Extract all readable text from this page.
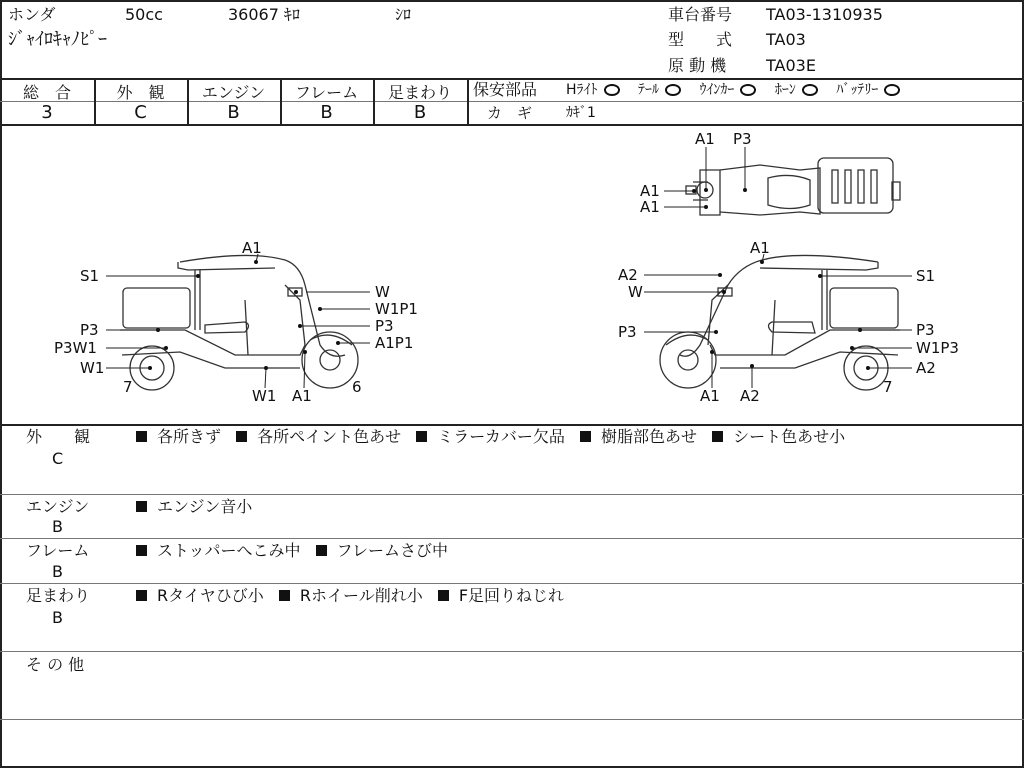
ホンダ	50cc	36067 ｷﾛ	ｼﾛ
ｼﾞｬｲﾛｷｬﾉﾋﾟｰ
車台番号 TA03-1310935
型　　式 TA03
原 動 機 TA03E
総　合	外　観	エンジン	フレーム	足まわり
3	C	B	B	B
保安部品 Hﾗｲﾄ	ﾃｰﾙ	ｳｲﾝｶｰ	ﾎｰﾝ	ﾊﾞｯﾃﾘｰ
カ　ギ ｶｷﾞ1
A1
S1
W
W1P1
P3
P3
A1P1
P3W1
W1
7	W1 A1	6
A1 P3
A1
A1
A1
A2	S1
W
P3	P3
W1P3
A2
7
A1 A2
外　　観
C
各所きず 各所ペイント色あせ ミラーカバー欠品 樹脂部色あせ シート色あせ小
エンジン
B
エンジン音小
フレーム
B
ストッパーへこみ中 フレームさび中
足まわり
B
Rタイヤひび小 Rホイール削れ小 F足回りねじれ
そ の 他
